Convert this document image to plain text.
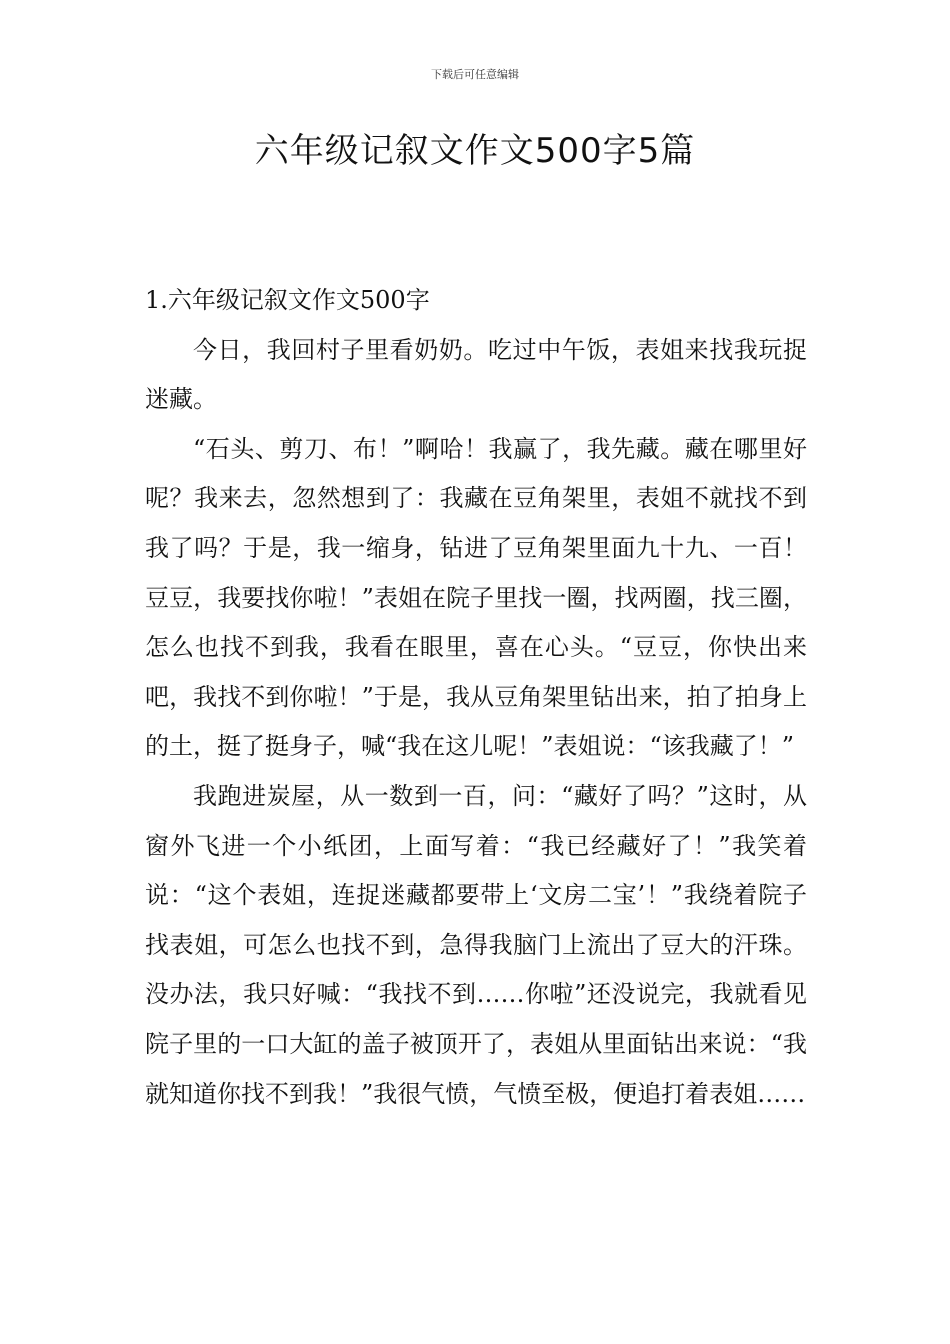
下载后可任意编辑
六年级记叙文作文500字5篇
1.六年级记叙文作文500字

今日，我回村子里看奶奶。吃过中午饭，表姐来找我玩捉迷藏。

“石头、剪刀、布！”啊哈！我赢了，我先藏。藏在哪里好呢？我来去，忽然想到了：我藏在豆角架里，表姐不就找不到我了吗？于是，我一缩身，钻进了豆角架里面九十九、一百！豆豆，我要找你啦！”表姐在院子里找一圈，找两圈，找三圈，怎么也找不到我，我看在眼里，喜在心头。“豆豆，你快出来吧，我找不到你啦！”于是，我从豆角架里钻出来，拍了拍身上的土，挺了挺身子，喊“我在这儿呢！”表姐说：“该我藏了！”

我跑进炭屋，从一数到一百，问：“藏好了吗？”这时，从窗外飞进一个小纸团，上面写着：“我已经藏好了！”我笑着说：“这个表姐，连捉迷藏都要带上‘文房二宝’！”我绕着院子找表姐，可怎么也找不到，急得我脑门上流出了豆大的汗珠。没办法，我只好喊：“我找不到……你啦”还没说完，我就看见院子里的一口大缸的盖子被顶开了，表姐从里面钻出来说：“我就知道你找不到我！”我很气愤，气愤至极，便追打着表姐……
